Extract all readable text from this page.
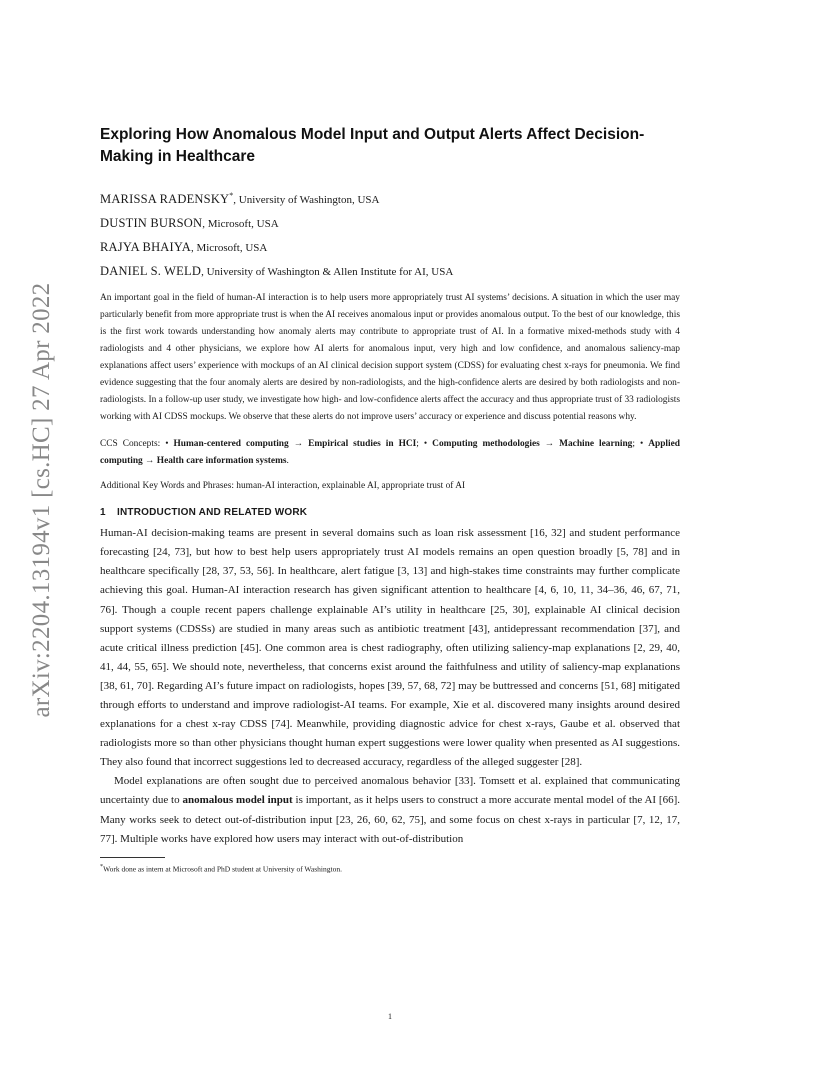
arXiv:2204.13194v1 [cs.HC] 27 Apr 2022
Exploring How Anomalous Model Input and Output Alerts Affect Decision-Making in Healthcare
MARISSA RADENSKY*, University of Washington, USA
DUSTIN BURSON, Microsoft, USA
RAJYA BHAIYA, Microsoft, USA
DANIEL S. WELD, University of Washington & Allen Institute for AI, USA

An important goal in the field of human-AI interaction is to help users more appropriately trust AI systems’ decisions. A situation in which the user may particularly benefit from more appropriate trust is when the AI receives anomalous input or provides anomalous output. To the best of our knowledge, this is the first work towards understanding how anomaly alerts may contribute to appropriate trust of AI. In a formative mixed-methods study with 4 radiologists and 4 other physicians, we explore how AI alerts for anomalous input, very high and low confidence, and anomalous saliency-map explanations affect users’ experience with mockups of an AI clinical decision support system (CDSS) for evaluating chest x-rays for pneumonia. We find evidence suggesting that the four anomaly alerts are desired by non-radiologists, and the high-confidence alerts are desired by both radiologists and non-radiologists. In a follow-up user study, we investigate how high- and low-confidence alerts affect the accuracy and thus appropriate trust of 33 radiologists working with AI CDSS mockups. We observe that these alerts do not improve users’ accuracy or experience and discuss potential reasons why.

CCS Concepts: • Human-centered computing → Empirical studies in HCI; • Computing methodologies → Machine learning; • Applied computing → Health care information systems.

Additional Key Words and Phrases: human-AI interaction, explainable AI, appropriate trust of AI

1 INTRODUCTION AND RELATED WORK

Human-AI decision-making teams are present in several domains such as loan risk assessment [16, 32] and student performance forecasting [24, 73], but how to best help users appropriately trust AI models remains an open question broadly [5, 78] and in healthcare specifically [28, 37, 53, 56]. In healthcare, alert fatigue [3, 13] and high-stakes time constraints may further complicate achieving this goal. Human-AI interaction research has given significant attention to healthcare [4, 6, 10, 11, 34–36, 46, 67, 71, 76]. Though a couple recent papers challenge explainable AI’s utility in healthcare [25, 30], explainable AI clinical decision support systems (CDSSs) are studied in many areas such as antibiotic treatment [43], antidepressant recommendation [37], and acute critical illness prediction [45]. One common area is chest radiography, often utilizing saliency-map explanations [2, 29, 40, 41, 44, 55, 65]. We should note, nevertheless, that concerns exist around the faithfulness and utility of saliency-map explanations [38, 61, 70]. Regarding AI’s future impact on radiologists, hopes [39, 57, 68, 72] may be buttressed and concerns [51, 68] mitigated through efforts to understand and improve radiologist-AI teams. For example, Xie et al. discovered many insights around desired explanations for a chest x-ray CDSS [74]. Meanwhile, providing diagnostic advice for chest x-rays, Gaube et al. observed that radiologists more so than other physicians thought human expert suggestions were lower quality when presented as AI suggestions. They also found that incorrect suggestions led to decreased accuracy, regardless of the alleged suggester [28].

Model explanations are often sought due to perceived anomalous behavior [33]. Tomsett et al. explained that communicating uncertainty due to anomalous model input is important, as it helps users to construct a more accurate mental model of the AI [66]. Many works seek to detect out-of-distribution input [23, 26, 60, 62, 75], and some focus on chest x-rays in particular [7, 12, 17, 77]. Multiple works have explored how users may interact with out-of-distribution

*Work done as intern at Microsoft and PhD student at University of Washington.
1
